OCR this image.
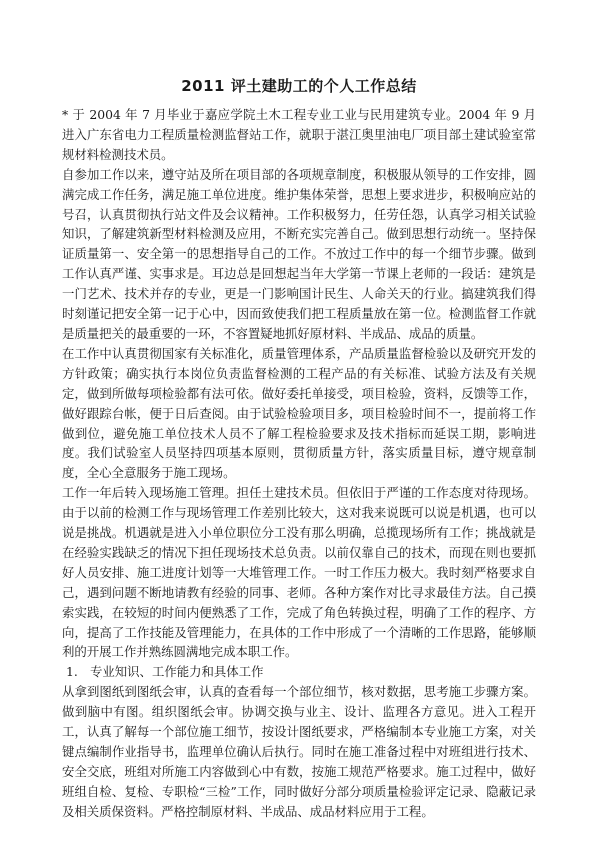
2011 评土建助工的个人工作总结

* 于 2004 年 7 月毕业于嘉应学院土木工程专业工业与民用建筑专业。2004 年 9 月进入广东省电力工程质量检测监督站工作，就职于湛江奥里油电厂项目部土建试验室常规材料检测技术员。

自参加工作以来，遵守站及所在项目部的各项规章制度，积极服从领导的工作安排，圆满完成工作任务，满足施工单位进度。维护集体荣誉，思想上要求进步，积极响应站的号召，认真贯彻执行站文件及会议精神。工作积极努力，任劳任怨，认真学习相关试验知识，了解建筑新型材料检测及应用，不断充实完善自己。做到思想行动统一。坚持保证质量第一、安全第一的思想指导自己的工作。不放过工作中的每一个细节步骤。做到工作认真严谨、实事求是。耳边总是回想起当年大学第一节课上老师的一段话：建筑是一门艺术、技术并存的专业，更是一门影响国计民生、人命关天的行业。搞建筑我们得时刻谨记把安全第一记于心中，因而致使我们把工程质量放在第一位。检测监督工作就是质量把关的最重要的一环，不容置疑地抓好原材料、半成品、成品的质量。

在工作中认真贯彻国家有关标准化，质量管理体系，产品质量监督检验以及研究开发的方针政策；确实执行本岗位负责监督检测的工程产品的有关标准、试验方法及有关规定，做到所做每项检验都有法可依。做好委托单接受，项目检验，资料，反馈等工作，做好跟踪台帐，便于日后查阅。由于试验检验项目多，项目检验时间不一，提前将工作做到位，避免施工单位技术人员不了解工程检验要求及技术指标而延误工期，影响进度。我们试验室人员坚持四项基本原则，贯彻质量方针，落实质量目标，遵守规章制度，全心全意服务于施工现场。

工作一年后转入现场施工管理。担任土建技术员。但依旧于严谨的工作态度对待现场。由于以前的检测工作与现场管理工作差别比较大，这对我来说既可以说是机遇，也可以说是挑战。机遇就是进入小单位职位分工没有那么明确，总揽现场所有工作；挑战就是在经验实践缺乏的情况下担任现场技术总负责。以前仅靠自己的技术，而现在则也要抓好人员安排、施工进度计划等一大堆管理工作。一时工作压力极大。我时刻严格要求自己，遇到问题不断地请教有经验的同事、老师。各种方案作对比寻求最佳方法。自己摸索实践，在较短的时间内便熟悉了工作，完成了角色转换过程，明确了工作的程序、方向，提高了工作技能及管理能力，在具体的工作中形成了一个清晰的工作思路，能够顺利的开展工作并熟练圆满地完成本职工作。

1. 专业知识、工作能力和具体工作

从拿到图纸到图纸会审，认真的查看每一个部位细节，核对数据，思考施工步骤方案。做到脑中有图。组织图纸会审。协调交换与业主、设计、监理各方意见。进入工程开工，认真了解每一个部位施工细节，按设计图纸要求，严格编制本专业施工方案，对关键点编制作业指导书，监理单位确认后执行。同时在施工准备过程中对班组进行技术、安全交底，班组对所施工内容做到心中有数，按施工规范严格要求。施工过程中，做好班组自检、复检、专职检“三检”工作，同时做好分部分项质量检验评定记录、隐蔽记录及相关质保资料。严格控制原材料、半成品、成品材料应用于工程。
